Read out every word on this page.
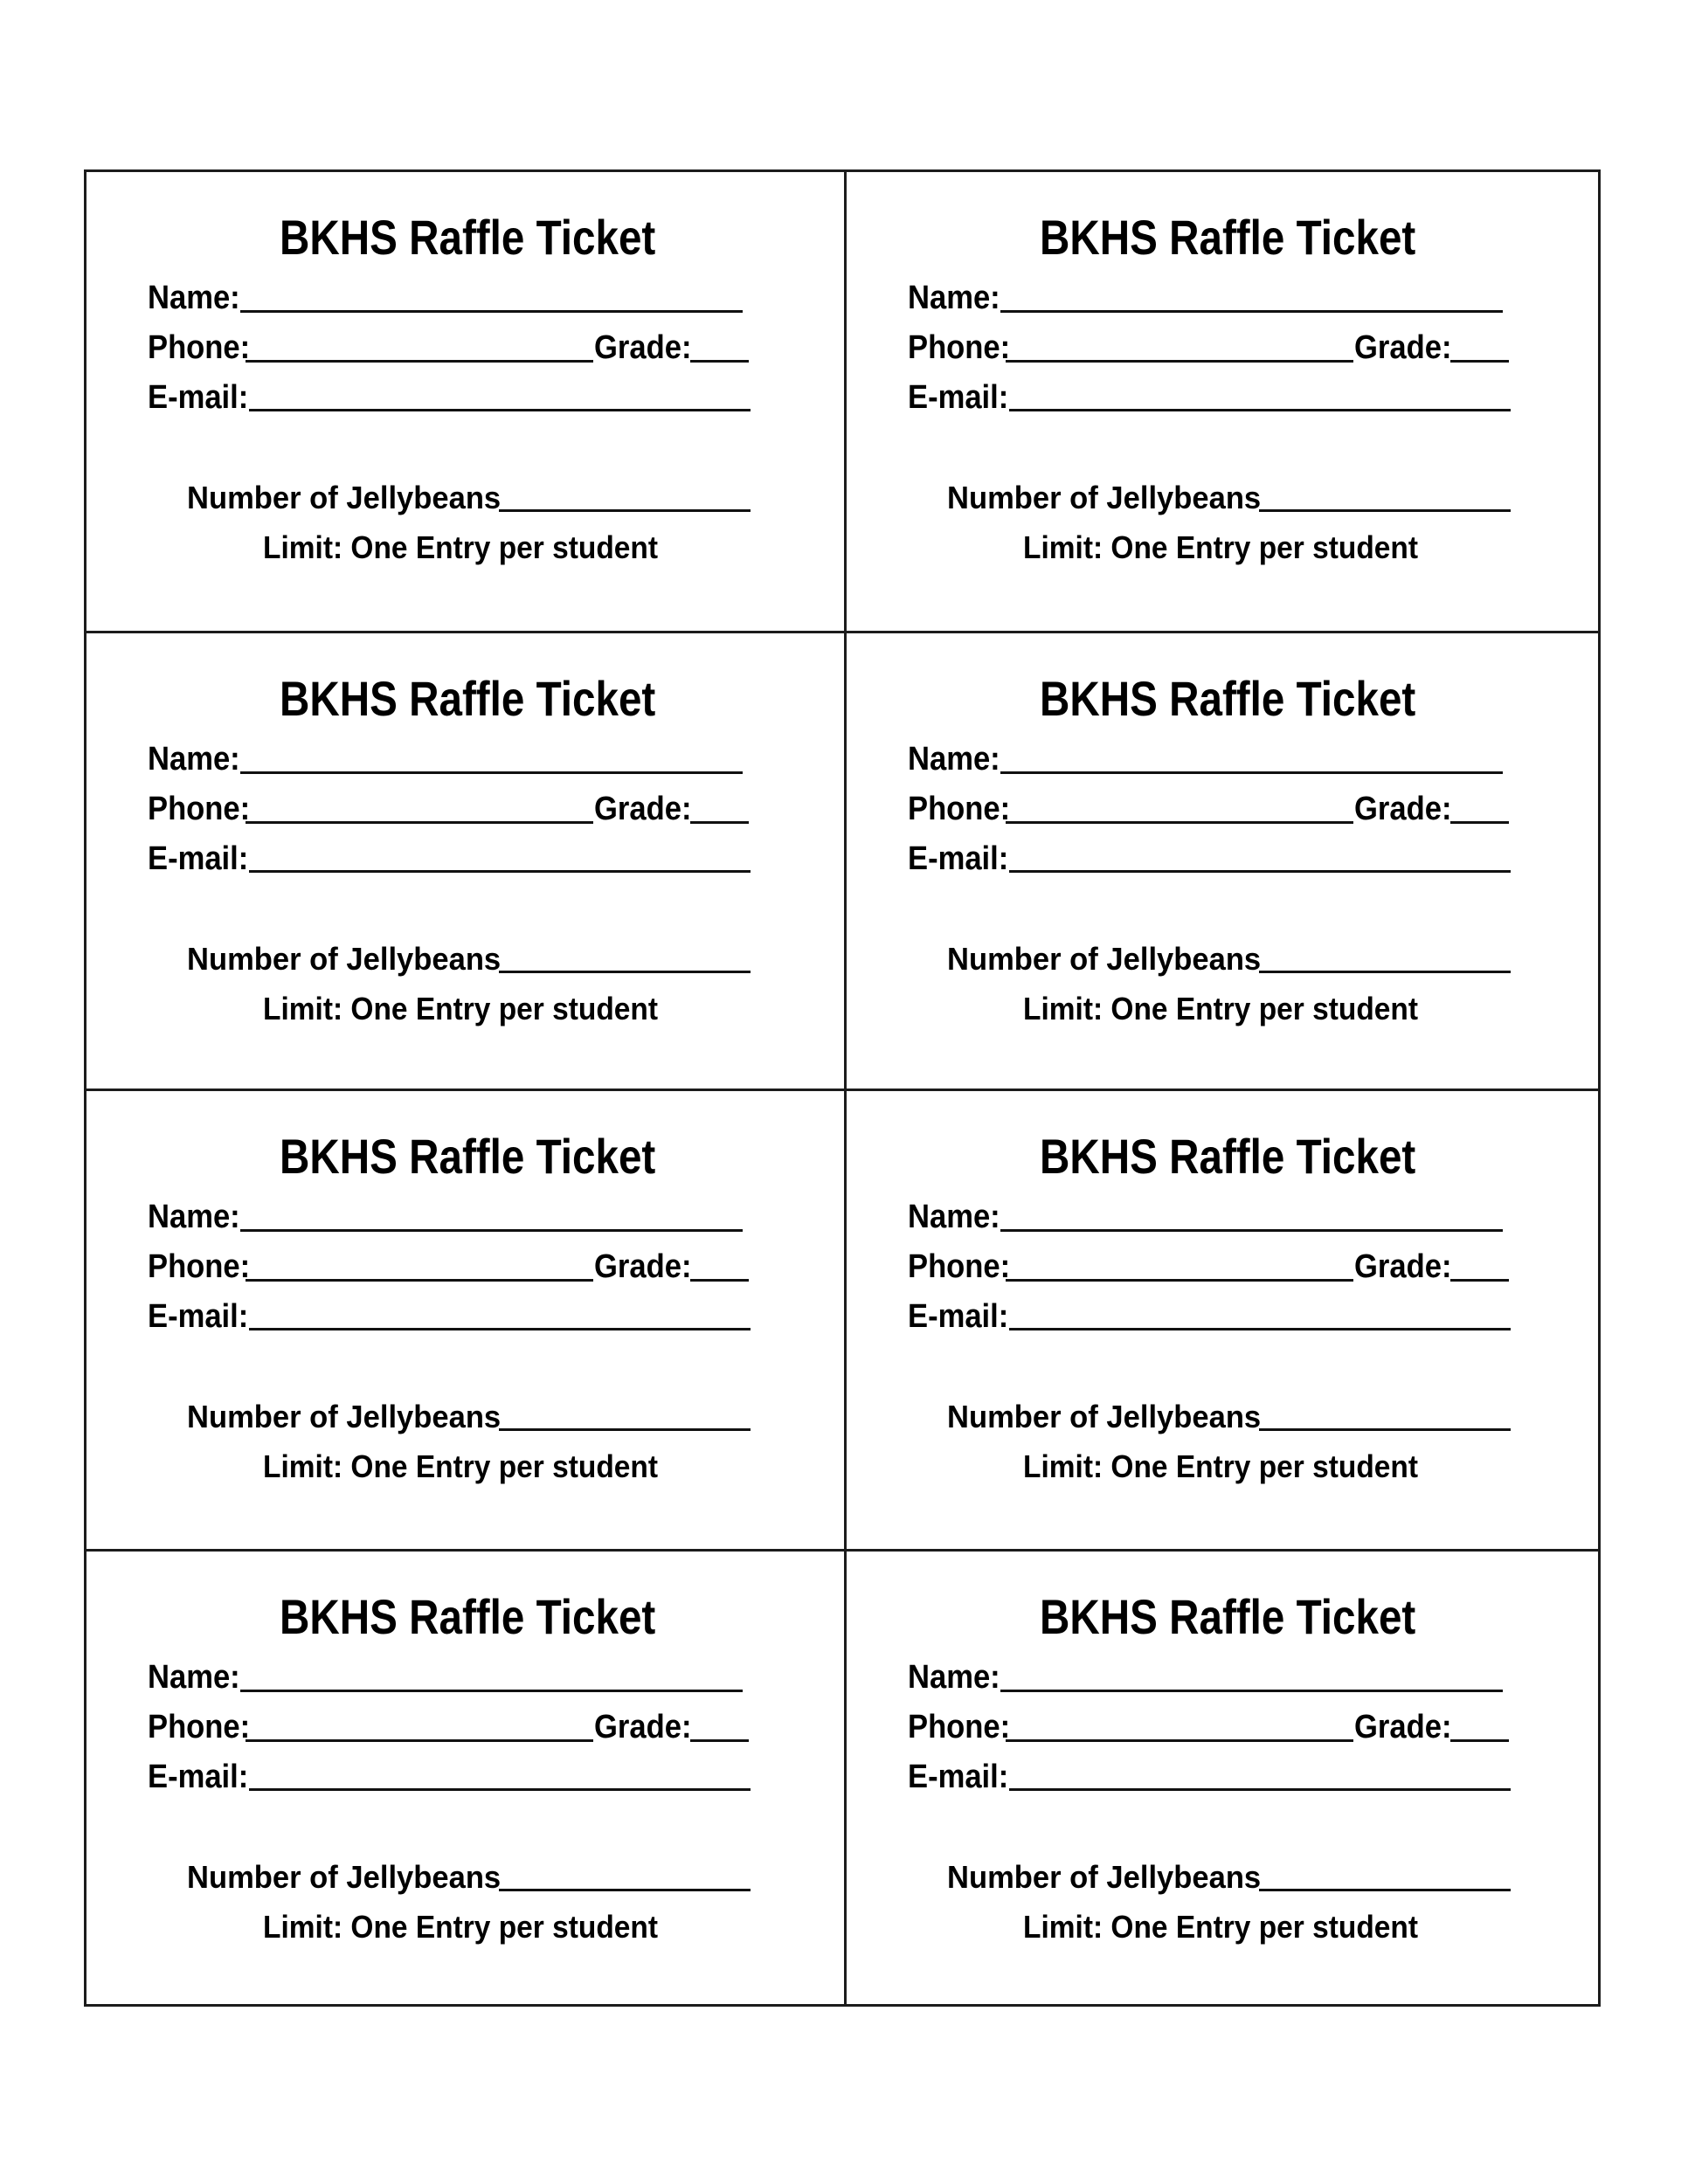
BKHS Raffle Ticket
Name:
Phone:	Grade:
E-mail:
Number of Jellybeans
Limit: One Entry per student
BKHS Raffle Ticket
Name:
Phone:	Grade:
E-mail:
Number of Jellybeans
Limit: One Entry per student
BKHS Raffle Ticket
Name:
Phone:	Grade:
E-mail:
Number of Jellybeans
Limit: One Entry per student
BKHS Raffle Ticket
Name:
Phone:	Grade:
E-mail:
Number of Jellybeans
Limit: One Entry per student
BKHS Raffle Ticket
Name:
Phone:	Grade:
E-mail:
Number of Jellybeans
Limit: One Entry per student
BKHS Raffle Ticket
Name:
Phone:	Grade:
E-mail:
Number of Jellybeans
Limit: One Entry per student
BKHS Raffle Ticket
Name:
Phone:	Grade:
E-mail:
Number of Jellybeans
Limit: One Entry per student
BKHS Raffle Ticket
Name:
Phone:	Grade:
E-mail:
Number of Jellybeans
Limit: One Entry per student
